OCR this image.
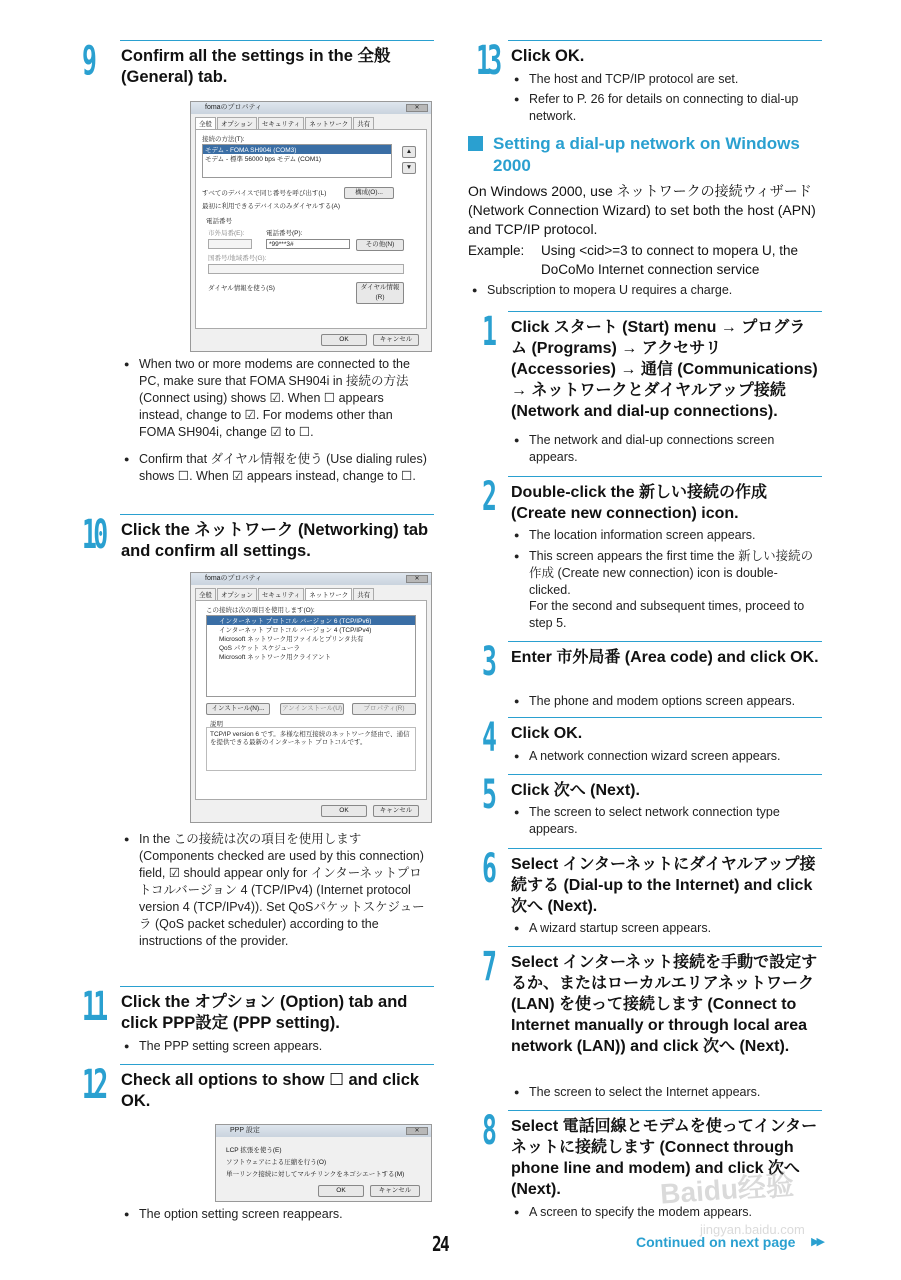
9 Confirm all the settings in the 全般 (General) tab.
fomaのプロパティ	✕
全般	オプション	セキュリティ	ネットワーク	共有
接続の方法(T):
モデム - FOMA SH904i (COM3)
モデム - 標準 56000 bps モデム (COM1)
▲
▼
すべてのデバイスで同じ番号を呼び出す(L)
最初に利用できるデバイスのみダイヤルする(A)
構成(O)...
電話番号
市外局番(E):	電話番号(P):
*99***3#	その他(N)
国番号/地域番号(G):
ダイヤル情報を使う(S)	ダイヤル情報(R)
OK	キャンセル
● When two or more modems are connected to the PC, make sure that FOMA SH904i in 接続の方法 (Connect using) shows ☑. When ☐ appears instead, change to ☑. For modems other than FOMA SH904i, change ☑ to ☐.
● Confirm that ダイヤル情報を使う (Use dialing rules) shows ☐. When ☑ appears instead, change to ☐.
10 Click the ネットワーク (Networking) tab and confirm all settings.
fomaのプロパティ	✕
全般	オプション	セキュリティ	ネットワーク	共有
この接続は次の項目を使用します(O):
インターネット プロトコル バージョン 6 (TCP/IPv6)
インターネット プロトコル バージョン 4 (TCP/IPv4)
Microsoft ネットワーク用ファイルとプリンタ共有
QoS パケット スケジューラ
Microsoft ネットワーク用クライアント
インストール(N)...	アンインストール(U)	プロパティ(R)
説明
TCP/IP version 6 です。多様な相互接続のネットワーク経由で、通信を提供できる最新のインターネット プロトコルです。
OK	キャンセル
● In the この接続は次の項目を使用します (Components checked are used by this connection) field, ☑ should appear only for インターネットプロトコルバージョン 4 (TCP/IPv4) (Internet protocol version 4 (TCP/IPv4)). Set QoSパケットスケジューラ (QoS packet scheduler) according to the instructions of the provider.
11 Click the オプション (Option) tab and click PPP設定 (PPP setting).
● The PPP setting screen appears.
12 Check all options to show ☐ and click OK.
PPP 設定	✕
LCP 拡張を使う(E)
ソフトウェアによる圧縮を行う(O)
単一リンク接続に対してマルチリンクをネゴシエートする(M)
OK	キャンセル
● The option setting screen reappears.
13 Click OK.
● The host and TCP/IP protocol are set.
● Refer to P. 26 for details on connecting to dial-up network.
Setting a dial-up network on Windows 2000
On Windows 2000, use ネットワークの接続ウィザード (Network Connection Wizard) to set both the host (APN) and TCP/IP protocol.
Example: Using <cid>=3 to connect to mopera U, the DoCoMo Internet connection service
● Subscription to mopera U requires a charge.
1 Click スタート (Start) menu → プログラム (Programs) → アクセサリ (Accessories) → 通信 (Communications) → ネットワークとダイヤルアップ接続 (Network and dial-up connections).
● The network and dial-up connections screen appears.
2 Double-click the 新しい接続の作成 (Create new connection) icon.
● The location information screen appears.
● This screen appears the first time the 新しい接続の作成 (Create new connection) icon is double-clicked.
For the second and subsequent times, proceed to step 5.
3 Enter 市外局番 (Area code) and click OK.
● The phone and modem options screen appears.
4 Click OK.
● A network connection wizard screen appears.
5 Click 次へ (Next).
● The screen to select network connection type appears.
6 Select インターネットにダイヤルアップ接続する (Dial-up to the Internet) and click 次へ (Next).
● A wizard startup screen appears.
7 Select インターネット接続を手動で設定するか、またはローカルエリアネットワーク (LAN) を使って接続します (Connect to Internet manually or through local area network (LAN)) and click 次へ (Next).
● The screen to select the Internet appears.
8 Select 電話回線とモデムを使ってインターネットに接続します (Connect through phone line and modem) and click 次へ (Next).
● A screen to specify the modem appears.
24	Continued on next page ▶▶
Baidu经验
jingyan.baidu.com
